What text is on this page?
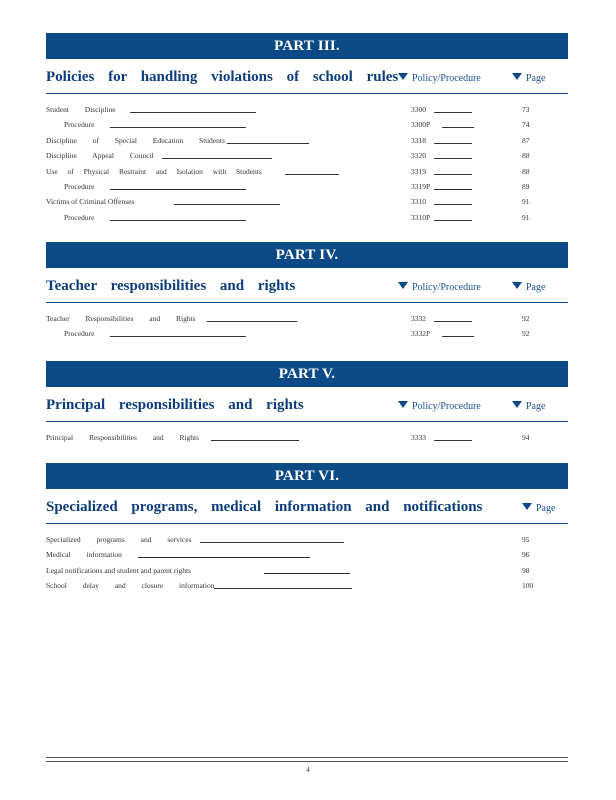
PART III.
Policies for handling violations of school rules	Policy/Procedure	Page
Student Discipline	3300	73
Procedure	3300P	74
Discipline of Special Education Students	3318	87
Discipline Appeal Council	3320	88
Use of Physical Restraint and Isolation with Students	3319	88
Procedure	3319P	89
Victims of Criminal Offenses	3310	91
Procedure	3310P	91
PART IV.
Teacher responsibilities and rights	Policy/Procedure	Page
Teacher Responsibilities and Rights	3332	92
Procedure	3332P	92
PART V.
Principal responsibilities and rights	Policy/Procedure	Page
Principal Responsibilities and Rights	3333	94
PART VI.
Specialized programs, medical information and notifications	Page
Specialized programs and services	95
Medical information	96
Legal notifications and student and parent rights	98
School delay and closure information	100
4
